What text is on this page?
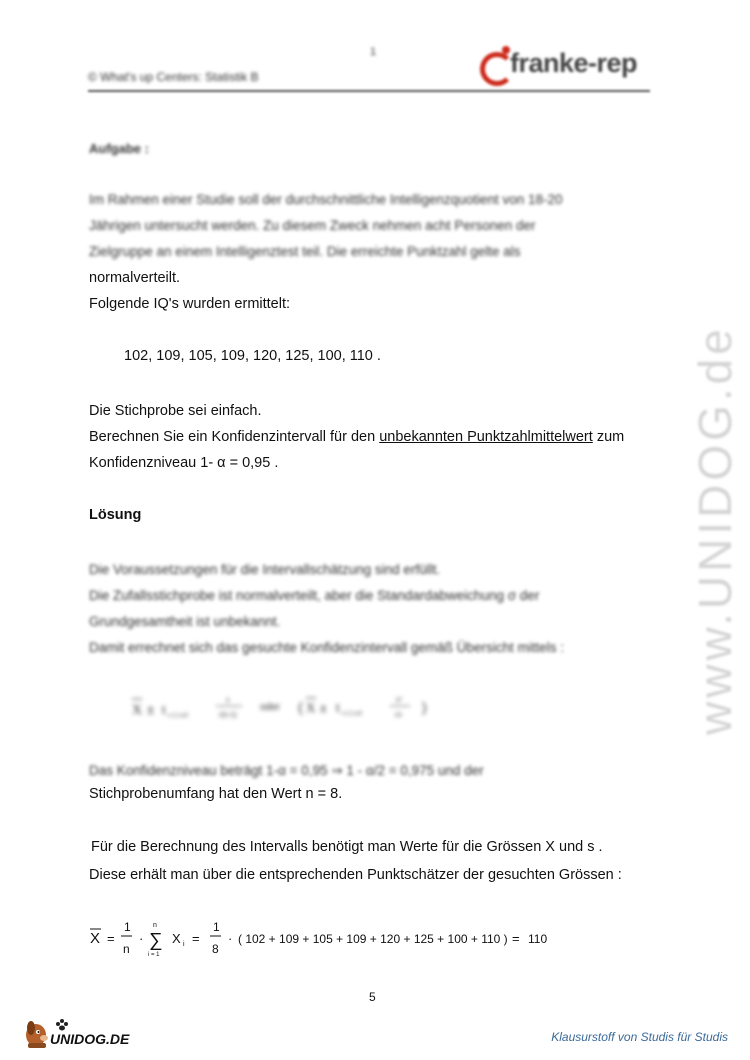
1
© What's up Centers: Statistik B	franke-rep
www.UNIDOG.de
Aufgabe :
Im Rahmen einer Studie soll der durchschnittliche Intelligenzquotient von 18-20
Jährigen untersucht werden. Zu diesem Zweck nehmen acht Personen der
Zielgruppe an einem Intelligenztest teil. Die erreichte Punktzahl gelte als
normalverteilt.
Folgende IQ's wurden ermittelt:
102, 109, 105, 109, 120, 125, 100, 110 .
Die Stichprobe sei einfach.
Berechnen Sie ein Konfidenzintervall für den unbekannten Punktzahlmittelwert zum
Konfidenzniveau 1- α = 0,95 .
Lösung
Die Voraussetzungen für die Intervallschätzung sind erfüllt.
Die Zufallsstichprobe ist normalverteilt, aber die Standardabweichung σ der
Grundgesamtheit ist unbekannt.
Damit errechnet sich das gesuchte Konfidenzintervall gemäß Übersicht mittels :
X ± t n-1;1-α/2
s
√(n-1)
oder ( X ± t n-1;1-α/2
s*
√n
)
Das Konfidenzniveau beträgt 1-α = 0,95 ⇒ 1 - α/2 = 0,975 und der
Stichprobenumfang hat den Wert n = 8.
Für die Berechnung des Intervalls benötigt man Werte für die Grössen X und s .
Diese erhält man über die entsprechenden Punktschätzer der gesuchten Grössen :
X =
1
n
·
n
∑
i = 1
X i =
1
8
· ( 102 + 109 + 105 + 109 + 120 + 125 + 100 + 110 ) = 110
5
UNIDOG.DE	Klausurstoff von Studis für Studis
